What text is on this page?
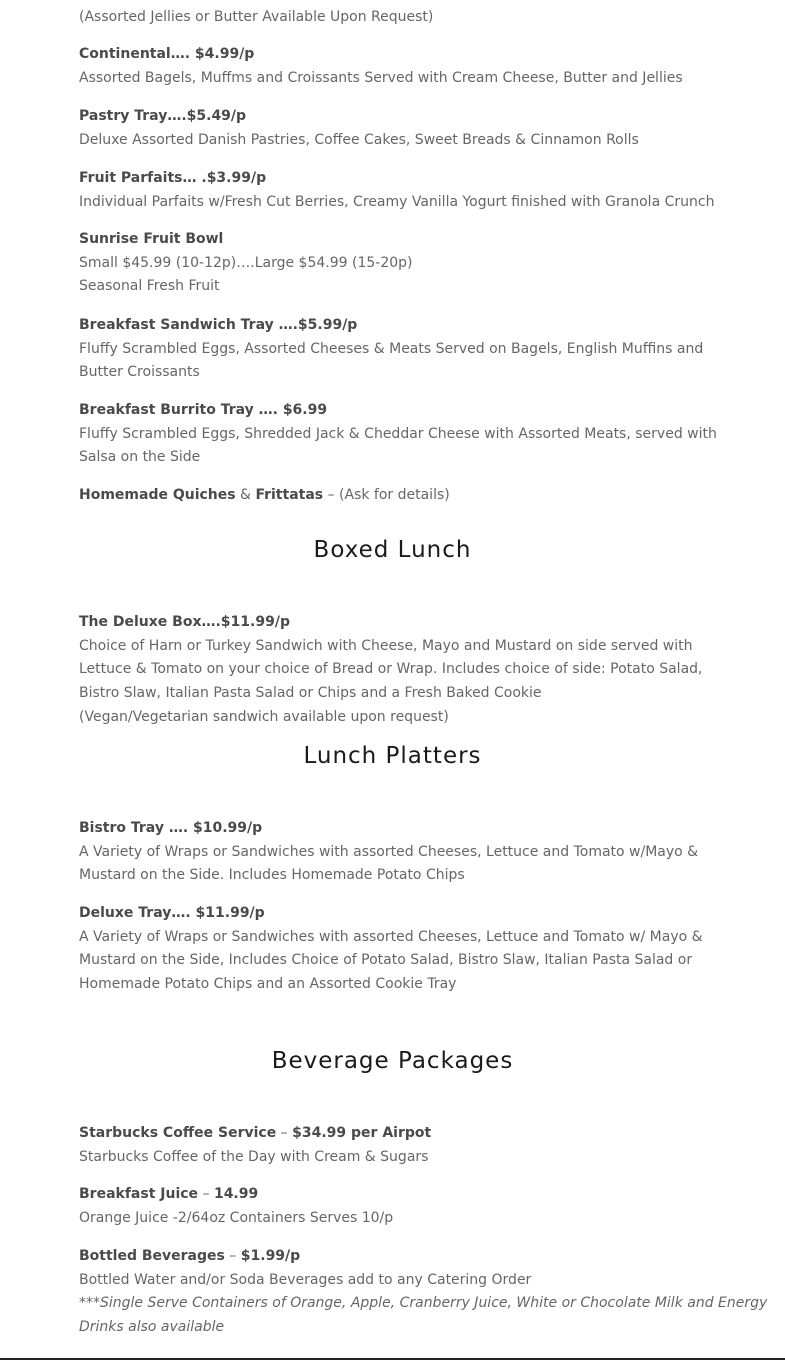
(Assorted Jellies or Butter Available Upon Request)
Continental…. $4.99/p
Assorted Bagels, Muffms and Croissants Served with Cream Cheese, Butter and Jellies
Pastry Tray….$5.49/p
Deluxe Assorted Danish Pastries, Coffee Cakes, Sweet Breads & Cinnamon Rolls
Fruit Parfaits… .$3.99/p
Individual Parfaits w/Fresh Cut Berries, Creamy Vanilla Yogurt finished with Granola Crunch
Sunrise Fruit Bowl
Small $45.99 (10-12p)….Large $54.99 (15-20p)
Seasonal Fresh Fruit
Breakfast Sandwich Tray ….$5.99/p
Fluffy Scrambled Eggs, Assorted Cheeses & Meats Served on Bagels, English Muffins and
Butter Croissants
Breakfast Burrito Tray …. $6.99
Fluffy Scrambled Eggs, Shredded Jack & Cheddar Cheese with Assorted Meats, served with
Salsa on the Side
Homemade Quiches & Frittatas – (Ask for details)
Boxed Lunch
The Deluxe Box….$11.99/p
Choice of Harn or Turkey Sandwich with Cheese, Mayo and Mustard on side served with
Lettuce & Tomato on your choice of Bread or Wrap. Includes choice of side: Potato Salad,
Bistro Slaw, Italian Pasta Salad or Chips and a Fresh Baked Cookie
(Vegan/Vegetarian sandwich available upon request)
Lunch Platters
Bistro Tray …. $10.99/p
A Variety of Wraps or Sandwiches with assorted Cheeses, Lettuce and Tomato w/Mayo &
Mustard on the Side. Includes Homemade Potato Chips
Deluxe Tray…. $11.99/p
A Variety of Wraps or Sandwiches with assorted Cheeses, Lettuce and Tomato w/ Mayo &
Mustard on the Side, Includes Choice of Potato Salad, Bistro Slaw, Italian Pasta Salad or
Homemade Potato Chips and an Assorted Cookie Tray
Beverage Packages
Starbucks Coffee Service – $34.99 per Airpot
Starbucks Coffee of the Day with Cream & Sugars
Breakfast Juice – 14.99
Orange Juice -2/64oz Containers Serves 10/p
Bottled Beverages – $1.99/p
Bottled Water and/or Soda Beverages add to any Catering Order
***Single Serve Containers of Orange, Apple, Cranberry Juice, White or Chocolate Milk and Energy
Drinks also available
